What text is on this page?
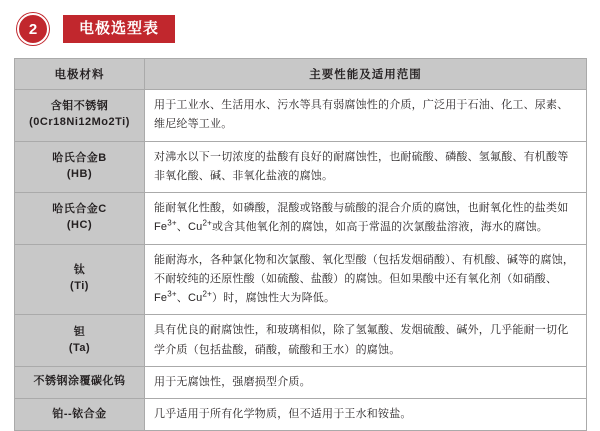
2	电极选型表
电极材料	主要性能及适用范围

含钼不锈钢
(0Cr18Ni12Mo2Ti)	用于工业水、生活用水、污水等具有弱腐蚀性的介质，广泛用于石油、化工、尿素、维尼纶等工业。

哈氏合金B
(HB)	对沸水以下一切浓度的盐酸有良好的耐腐蚀性，也耐硫酸、磷酸、氢氟酸、有机酸等非氧化酸、碱、非氧化盐液的腐蚀。

哈氏合金C
(HC)	能耐氧化性酸，如磷酸，混酸或铬酸与硫酸的混合介质的腐蚀，也耐氧化性的盐类如$Fe^{3+}$、$Cu^{2+}$或含其他氧化剂的腐蚀，如高于常温的次氯酸盐溶液，海水的腐蚀。

钛
(Ti)	能耐海水，各种氯化物和次氯酸、氧化型酸（包括发烟硝酸）、有机酸、碱等的腐蚀，不耐较纯的还原性酸（如硫酸、盐酸）的腐蚀。但如果酸中还有氧化剂（如硝酸、$Fe^{3+}$、$Cu^{2+}$）时，腐蚀性大为降低。

钽
(Ta)	具有优良的耐腐蚀性，和玻璃相似，除了氢氟酸、发烟硫酸、碱外，几乎能耐一切化学介质（包括盐酸，硝酸，硫酸和王水）的腐蚀。

不锈钢涂覆碳化钨	用于无腐蚀性，强磨损型介质。

铂--铱合金	几乎适用于所有化学物质，但不适用于王水和铵盐。
